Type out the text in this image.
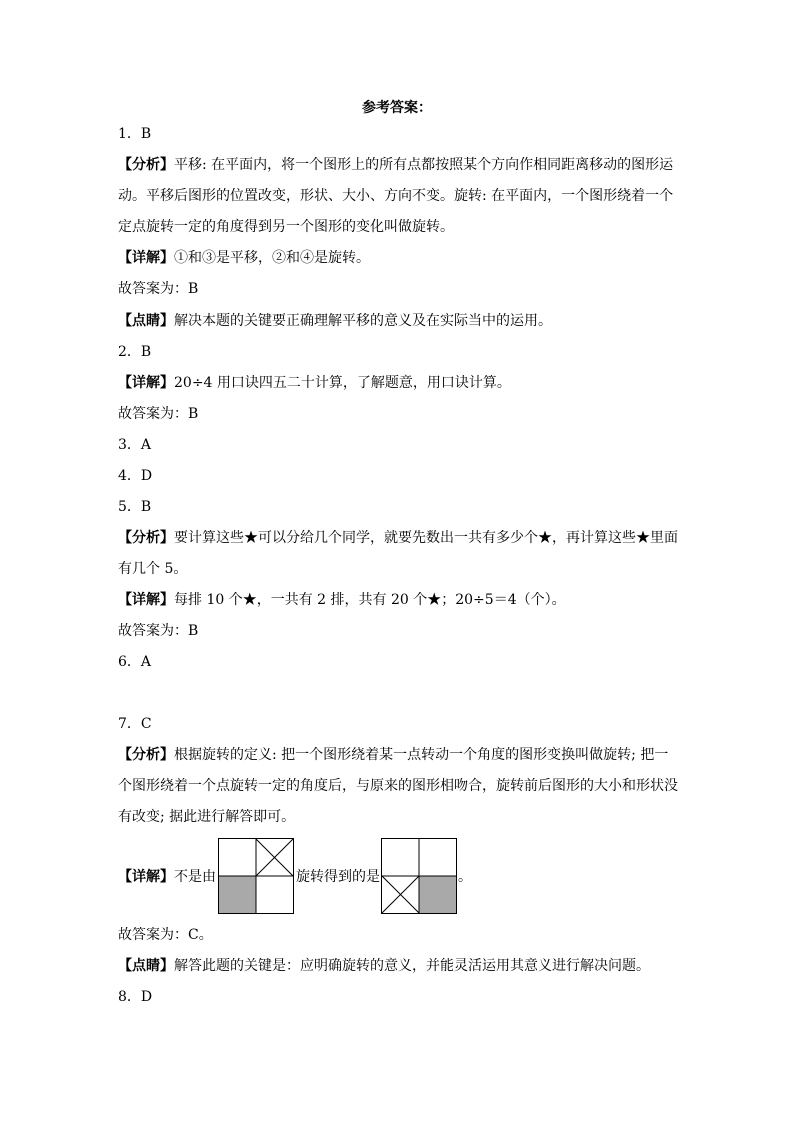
参考答案：
1．B
【分析】平移: 在平面内，将一个图形上的所有点都按照某个方向作相同距离移动的图形运
动。平移后图形的位置改变，形状、大小、方向不变。旋转: 在平面内，一个图形绕着一个
定点旋转一定的角度得到另一个图形的变化叫做旋转。
【详解】①和③是平移，②和④是旋转。
故答案为：B
【点睛】解决本题的关键要正确理解平移的意义及在实际当中的运用。
2．B
【详解】20÷4 用口诀四五二十计算，了解题意，用口诀计算。
故答案为：B
3．A
4．D
5．B
【分析】要计算这些★可以分给几个同学，就要先数出一共有多少个★，再计算这些★里面
有几个 5。
【详解】每排 10 个★，一共有 2 排，共有 20 个★；20÷5＝4（个）。
故答案为：B
6．A
7．C
【分析】根据旋转的定义: 把一个图形绕着某一点转动一个角度的图形变换叫做旋转; 把一
个图形绕着一个点旋转一定的角度后，与原来的图形相吻合，旋转前后图形的大小和形状没
有改变; 据此进行解答即可。
【详解】不是由	旋转得到的是	。
故答案为：C。
【点睛】解答此题的关键是：应明确旋转的意义，并能灵活运用其意义进行解决问题。
8．D
